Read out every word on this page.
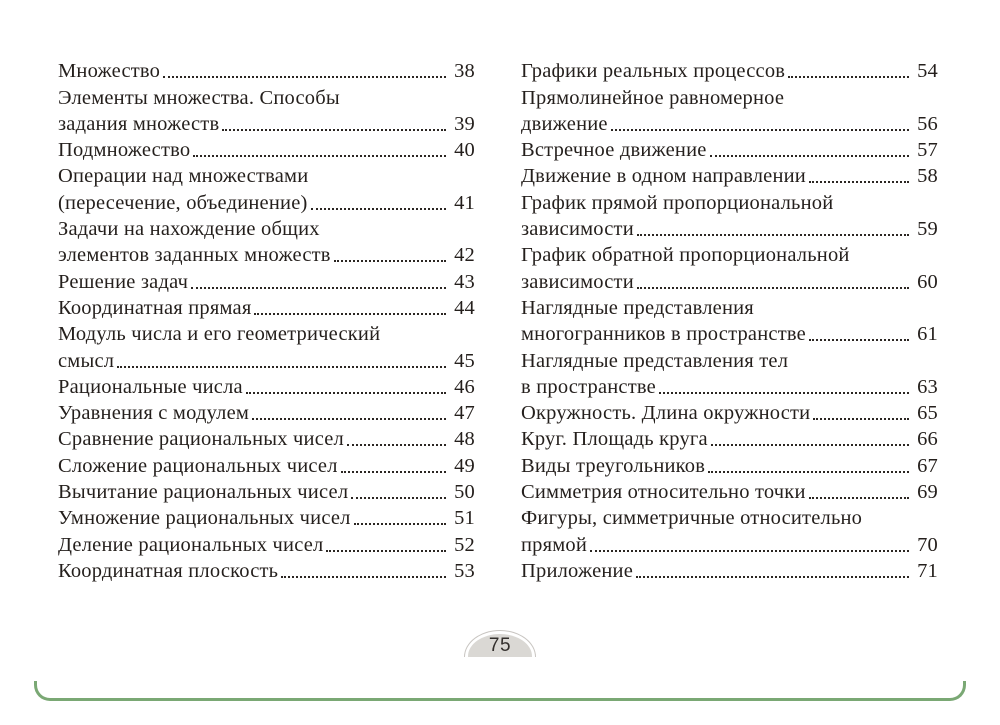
Множество	38
Элементы множества. Способы
задания множеств	39
Подмножество	40
Операции над множествами
(пересечение, объединение)	41
Задачи на нахождение общих
элементов заданных множеств	42
Решение задач	43
Координатная прямая	44
Модуль числа и его геометрический
смысл	45
Рациональные числа	46
Уравнения с модулем	47
Сравнение рациональных чисел	48
Сложение рациональных чисел	49
Вычитание рациональных чисел	50
Умножение рациональных чисел	51
Деление рациональных чисел	52
Координатная плоскость	53
Графики реальных процессов	54
Прямолинейное равномерное
движение	56
Встречное движение	57
Движение в одном направлении	58
График прямой пропорциональной
зависимости	59
График обратной пропорциональной
зависимости	60
Наглядные представления
многогранников в пространстве	61
Наглядные представления тел
в пространстве	63
Окружность. Длина окружности	65
Круг. Площадь круга	66
Виды треугольников	67
Симметрия относительно точки	69
Фигуры, симметричные относительно
прямой	70
Приложение	71
75
